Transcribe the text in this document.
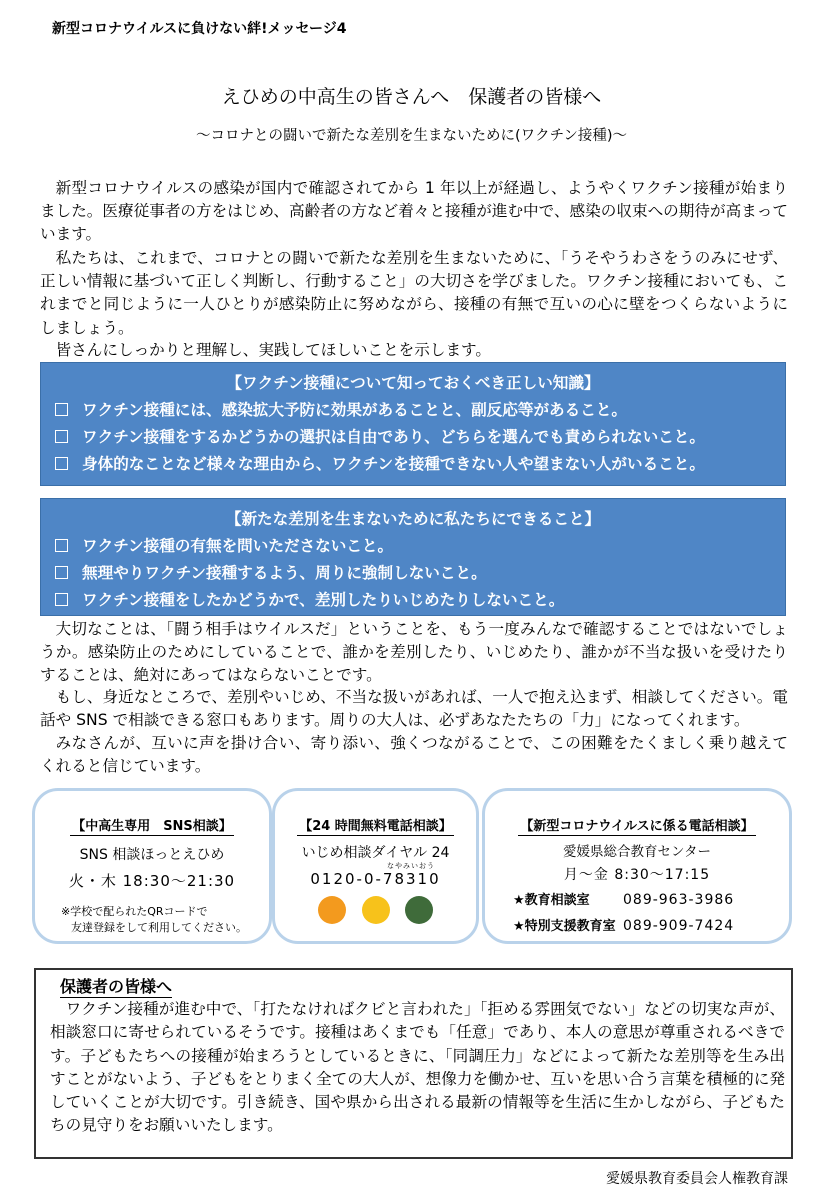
新型コロナウイルスに負けない絆!メッセージ4
えひめの中高生の皆さんへ　保護者の皆様へ
～コロナとの闘いで新たな差別を生まないために(ワクチン接種)～

新型コロナウイルスの感染が国内で確認されてから 1 年以上が経過し、ようやくワクチン接種が始まりました。医療従事者の方をはじめ、高齢者の方など着々と接種が進む中で、感染の収束への期待が高まっています。

私たちは、これまで、コロナとの闘いで新たな差別を生まないために、「うそやうわさをうのみにせず、正しい情報に基づいて正しく判断し、行動すること」の大切さを学びました。ワクチン接種においても、これまでと同じように一人ひとりが感染防止に努めながら、接種の有無で互いの心に壁をつくらないようにしましょう。

皆さんにしっかりと理解し、実践してほしいことを示します。

【ワクチン接種について知っておくべき正しい知識】

ワクチン接種には、感染拡大予防に効果があることと、副反応等があること。
ワクチン接種をするかどうかの選択は自由であり、どちらを選んでも責められないこと。
身体的なことなど様々な理由から、ワクチンを接種できない人や望まない人がいること。

【新たな差別を生まないために私たちにできること】

ワクチン接種の有無を問いたださないこと。
無理やりワクチン接種するよう、周りに強制しないこと。
ワクチン接種をしたかどうかで、差別したりいじめたりしないこと。

大切なことは、「闘う相手はウイルスだ」ということを、もう一度みんなで確認することではないでしょうか。感染防止のためにしていることで、誰かを差別したり、いじめたり、誰かが不当な扱いを受けたりすることは、絶対にあってはならないことです。

もし、身近なところで、差別やいじめ、不当な扱いがあれば、一人で抱え込まず、相談してください。電話や SNS で相談できる窓口もあります。周りの大人は、必ずあなたたちの「力」になってくれます。

みなさんが、互いに声を掛け合い、寄り添い、強くつながることで、この困難をたくましく乗り越えてくれると信じています。

【中高生専用　SNS相談】
SNS 相談ほっとえひめ
火・木 18:30～21:30
※学校で配られたQRコードで
友達登録をして利用してください。
【24 時間無料電話相談】
いじめ相談ダイヤル 24
なやみいおう
0120-0-78310

【新型コロナウイルスに係る電話相談】
愛媛県総合教育センター
月～金 8:30～17:15
★教育相談室 089-963-3986
★特別支援教育室 089-909-7424
保護者の皆様へ

ワクチン接種が進む中で、「打たなければクビと言われた」「拒める雰囲気でない」などの切実な声が、相談窓口に寄せられているそうです。接種はあくまでも「任意」であり、本人の意思が尊重されるべきです。子どもたちへの接種が始まろうとしているときに、「同調圧力」などによって新たな差別等を生み出すことがないよう、子どもをとりまく全ての大人が、想像力を働かせ、互いを思い合う言葉を積極的に発していくことが大切です。引き続き、国や県から出される最新の情報等を生活に生かしながら、子どもたちの見守りをお願いいたします。

愛媛県教育委員会人権教育課
